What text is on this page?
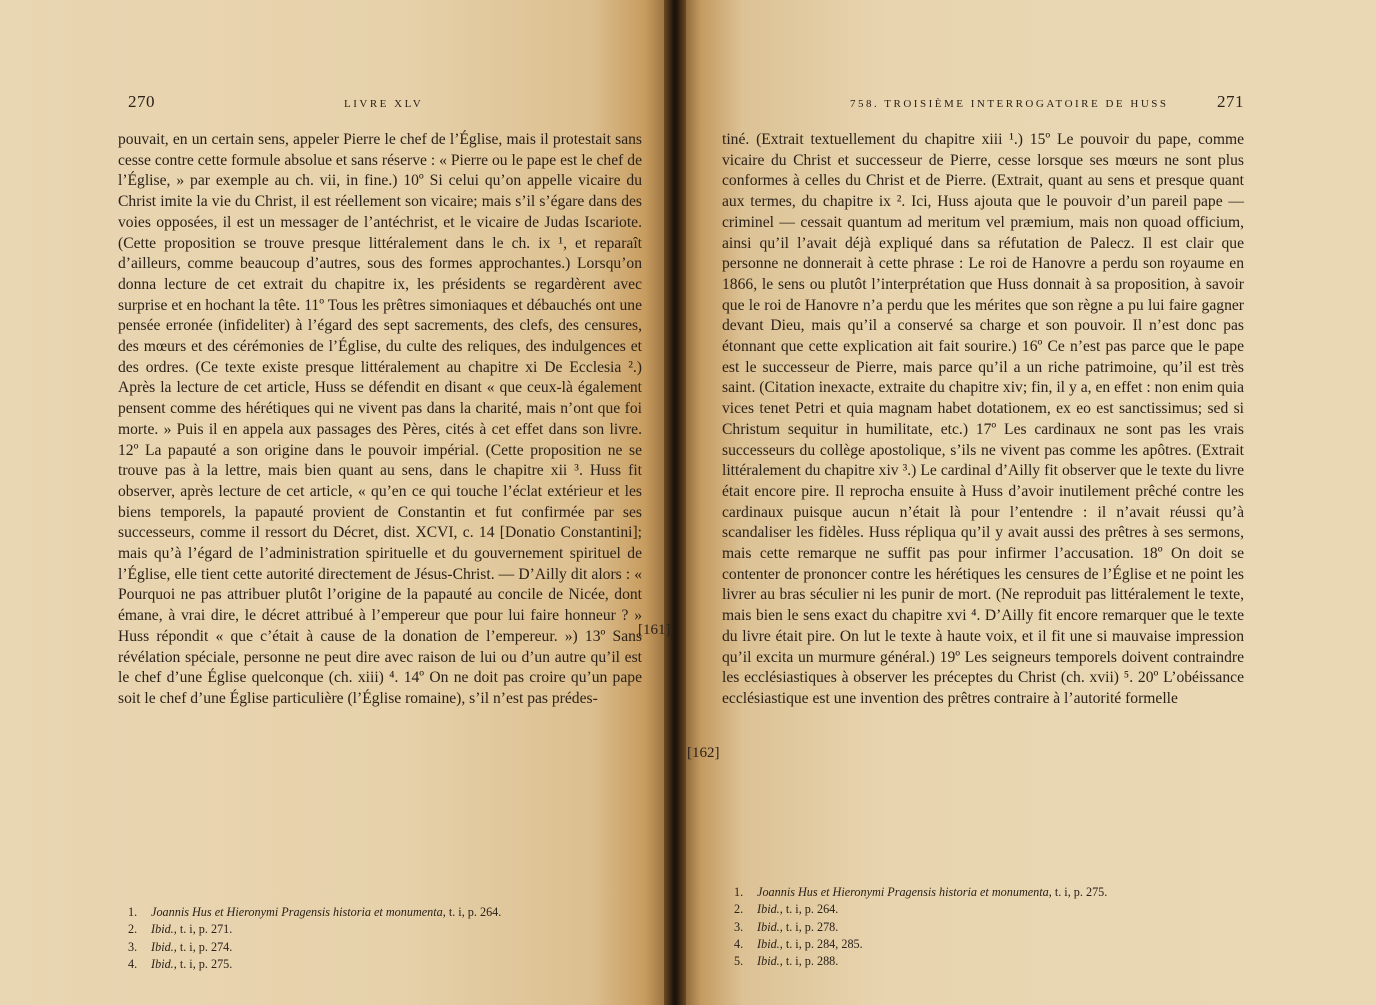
270	LIVRE XLV

pouvait, en un certain sens, appeler Pierre le chef de l’Église, mais il protestait sans cesse contre cette formule absolue et sans réserve : « Pierre ou le pape est le chef de l’Église, » par exemple au ch. vii, in fine.) 10º Si celui qu’on appelle vicaire du Christ imite la vie du Christ, il est réellement son vicaire; mais s’il s’égare dans des voies opposées, il est un messager de l’antéchrist, et le vicaire de Judas Iscariote. (Cette proposition se trouve presque littéralement dans le ch. ix ¹, et reparaît d’ailleurs, comme beaucoup d’autres, sous des formes approchantes.) Lorsqu’on donna lecture de cet extrait du chapitre ix, les présidents se regardèrent avec surprise et en hochant la tête. 11º Tous les prêtres simoniaques et débauchés ont une pensée erronée (infideliter) à l’égard des sept sacrements, des clefs, des censures, des mœurs et des cérémonies de l’Église, du culte des reliques, des indulgences et des ordres. (Ce texte existe presque littéralement au chapitre xi De Ecclesia ².) Après la lecture de cet article, Huss se défendit en disant « que ceux-là également pensent comme des hérétiques qui ne vivent pas dans la charité, mais n’ont que foi morte. » Puis il en appela aux passages des Pères, cités à cet effet dans son livre. 12º La papauté a son origine dans le pouvoir impérial. (Cette proposition ne se trouve pas à la lettre, mais bien quant au sens, dans le chapitre xii ³. Huss fit observer, après lecture de cet article, « qu’en ce qui touche l’éclat extérieur et les biens temporels, la papauté provient de Constantin et fut confirmée par ses successeurs, comme il ressort du Décret, dist. XCVI, c. 14 [Donatio Constantini]; mais qu’à l’égard de l’administration spirituelle et du gouvernement spirituel de l’Église, elle tient cette autorité directement de Jésus-Christ. — D’Ailly dit alors : « Pourquoi ne pas attribuer plutôt l’origine de la papauté au concile de Nicée, dont émane, à vrai dire, le décret attribué à l’empereur que pour lui faire honneur ? » Huss répondit « que c’était à cause de la donation de l’empereur. ») 13º Sans révélation spéciale, personne ne peut dire avec raison de lui ou d’un autre qu’il est le chef d’une Église quelconque (ch. xiii) ⁴. 14º On ne doit pas croire qu’un pape soit le chef d’une Église particulière (l’Église romaine), s’il n’est pas prédes-

1. Joannis Hus et Hieronymi Pragensis historia et monumenta, t. i, p. 264.
2. Ibid., t. i, p. 271.
3. Ibid., t. i, p. 274.
4. Ibid., t. i, p. 275.
758. TROISIÈME INTERROGATOIRE DE HUSS	271

tiné. (Extrait textuellement du chapitre xiii ¹.) 15º Le pouvoir du pape, comme vicaire du Christ et successeur de Pierre, cesse lorsque ses mœurs ne sont plus conformes à celles du Christ et de Pierre. (Extrait, quant au sens et presque quant aux termes, du chapitre ix ². Ici, Huss ajouta que le pouvoir d’un pareil pape — criminel — cessait quantum ad meritum vel præmium, mais non quoad officium, ainsi qu’il l’avait déjà expliqué dans sa réfutation de Palecz. Il est clair que personne ne donnerait à cette phrase : Le roi de Hanovre a perdu son royaume en 1866, le sens ou plutôt l’interprétation que Huss donnait à sa proposition, à savoir que le roi de Hanovre n’a perdu que les mérites que son règne a pu lui faire gagner devant Dieu, mais qu’il a conservé sa charge et son pouvoir. Il n’est donc pas étonnant que cette explication ait fait sourire.) 16º Ce n’est pas parce que le pape est le successeur de Pierre, mais parce qu’il a un riche patrimoine, qu’il est très saint. (Citation inexacte, extraite du chapitre xiv; fin, il y a, en effet : non enim quia vices tenet Petri et quia magnam habet dotationem, ex eo est sanctissimus; sed si Christum sequitur in humilitate, etc.) 17º Les cardinaux ne sont pas les vrais successeurs du collège apostolique, s’ils ne vivent pas comme les apôtres. (Extrait littéralement du chapitre xiv ³.) Le cardinal d’Ailly fit observer que le texte du livre était encore pire. Il reprocha ensuite à Huss d’avoir inutilement prêché contre les cardinaux puisque aucun n’était là pour l’entendre : il n’avait réussi qu’à scandaliser les fidèles. Huss répliqua qu’il y avait aussi des prêtres à ses sermons, mais cette remarque ne suffit pas pour infirmer l’accusation. 18º On doit se contenter de prononcer contre les hérétiques les censures de l’Église et ne point les livrer au bras séculier ni les punir de mort. (Ne reproduit pas littéralement le texte, mais bien le sens exact du chapitre xvi ⁴. D’Ailly fit encore remarquer que le texte du livre était pire. On lut le texte à haute voix, et il fit une si mauvaise impression qu’il excita un murmure général.) 19º Les seigneurs temporels doivent contraindre les ecclésiastiques à observer les préceptes du Christ (ch. xvii) ⁵. 20º L’obéissance ecclésiastique est une invention des prêtres contraire à l’autorité formelle

1. Joannis Hus et Hieronymi Pragensis historia et monumenta, t. i, p. 275.
2. Ibid., t. i, p. 264.
3. Ibid., t. i, p. 278.
4. Ibid., t. i, p. 284, 285.
5. Ibid., t. i, p. 288.
[161]
[162]
